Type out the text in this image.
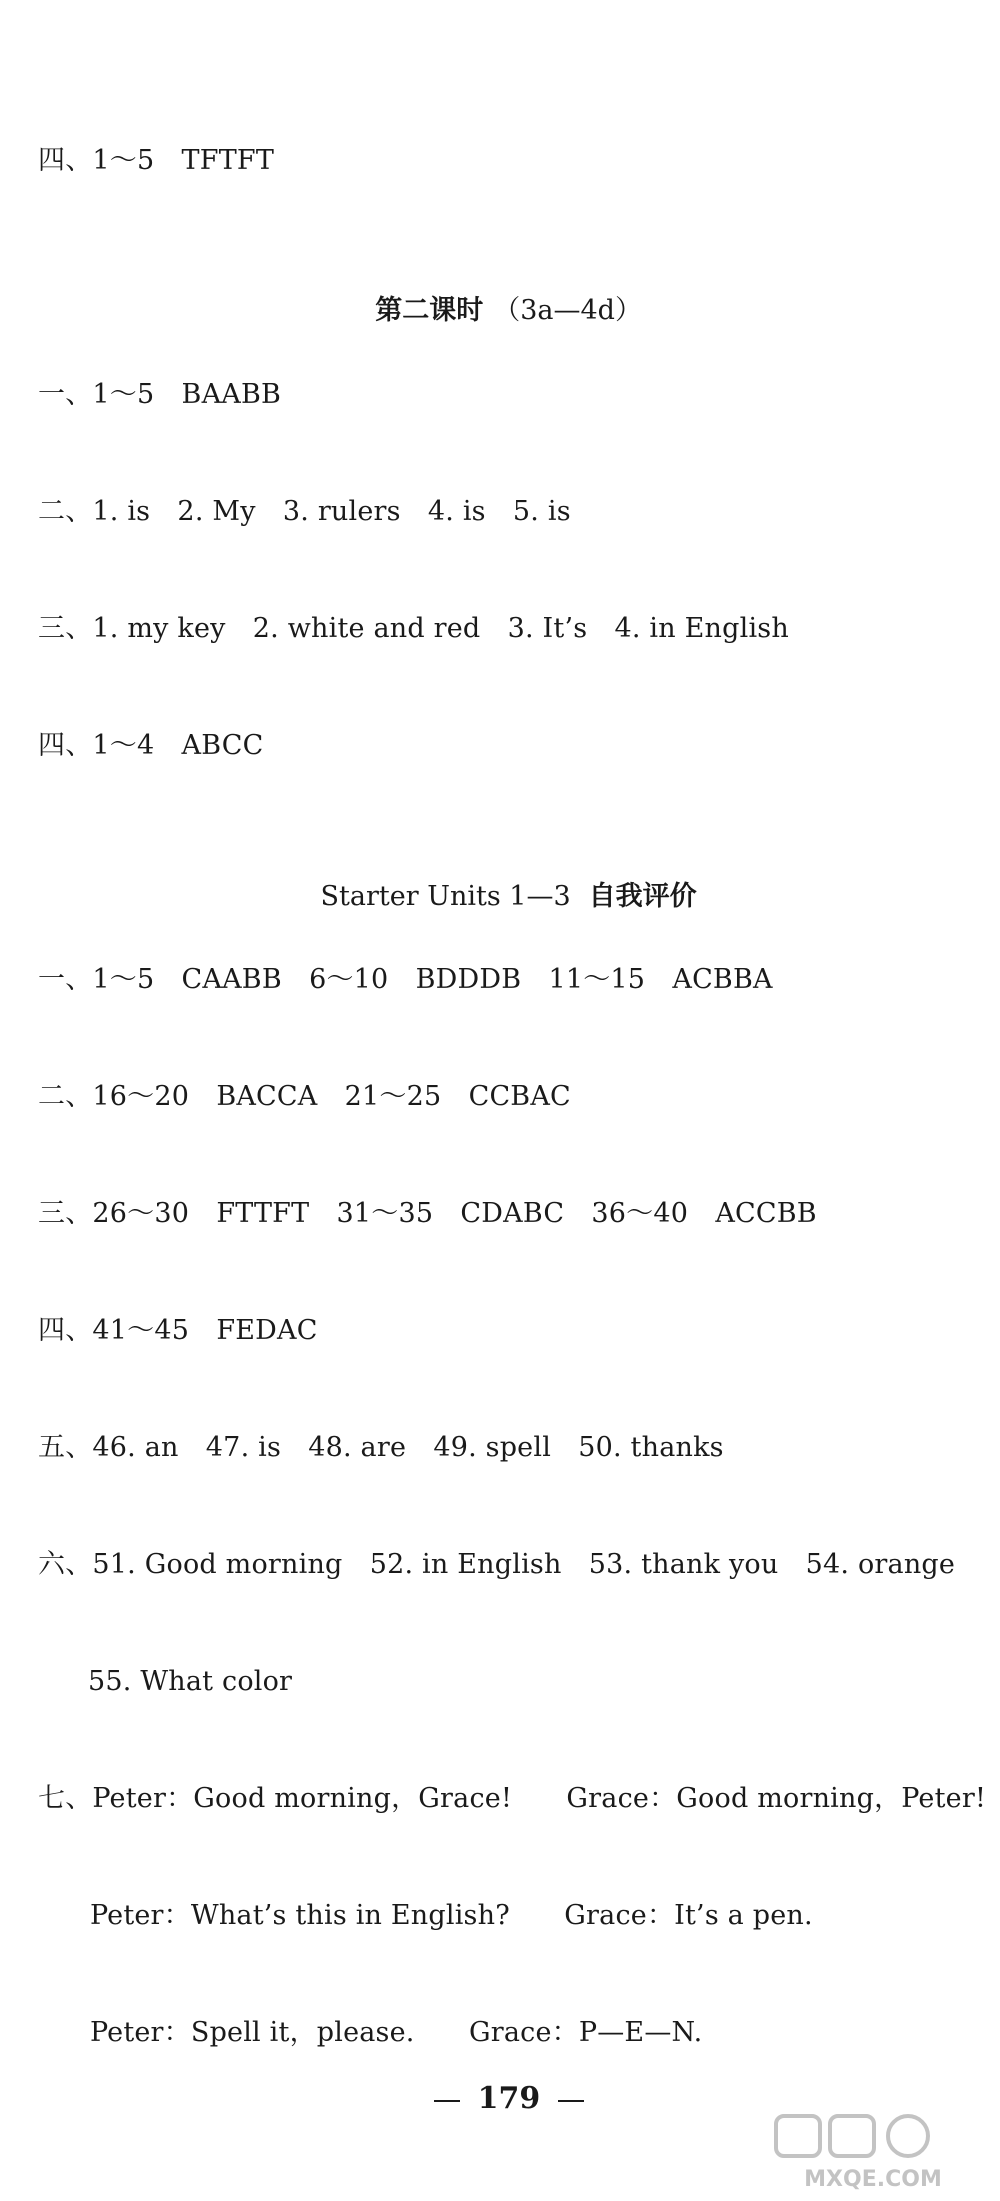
四、1～5　TFTFT

第二课时 （3a—4d）

一、1～5　BAABB
二、1. is　2. My　3. rulers　4. is　5. is
三、1. my key　2. white and red　3. It’s　4. in English
四、1～4　ABCC

Starter Units 1—3 自我评价

一、1～5　CAABB　6～10　BDDDB　11～15　ACBBA
二、16～20　BACCA　21～25　CCBAC
三、26～30　FTTFT　31～35　CDABC　36～40　ACCBB
四、41～45　FEDAC
五、46. an　47. is　48. are　49. spell　50. thanks
六、51. Good morning　52. in English　53. thank you　54. orange
55. What color
七、Peter：Good morning，Grace!　　Grace：Good morning，Peter!
Peter：What’s this in English?　　Grace：It’s a pen.
Peter：Spell it，please.　　Grace：P—E—N.

179

MXQE.COM
